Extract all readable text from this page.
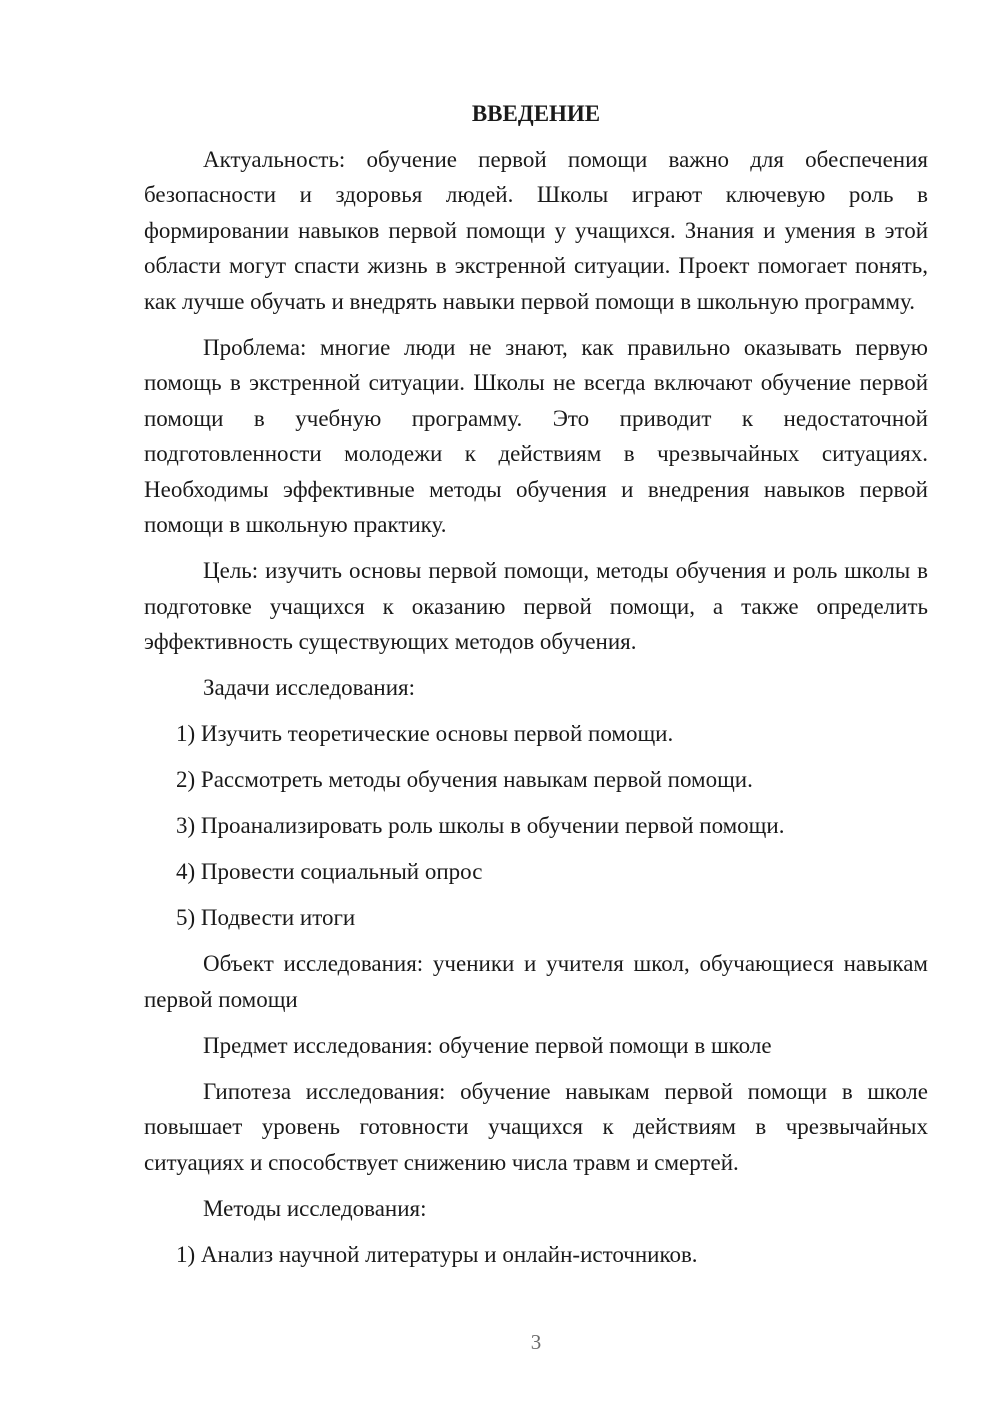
ВВЕДЕНИЕ

Актуальность: обучение первой помощи важно для обеспечения безопасности и здоровья людей. Школы играют ключевую роль в формировании навыков первой помощи у учащихся. Знания и умения в этой области могут спасти жизнь в экстренной ситуации. Проект помогает понять, как лучше обучать и внедрять навыки первой помощи в школьную программу.

Проблема: многие люди не знают, как правильно оказывать первую помощь в экстренной ситуации. Школы не всегда включают обучение первой помощи в учебную программу. Это приводит к недостаточной подготовленности молодежи к действиям в чрезвычайных ситуациях. Необходимы эффективные методы обучения и внедрения навыков первой помощи в школьную практику.

Цель: изучить основы первой помощи, методы обучения и роль школы в подготовке учащихся к оказанию первой помощи, а также определить эффективность существующих методов обучения.

Задачи исследования:

1) Изучить теоретические основы первой помощи.

2) Рассмотреть методы обучения навыкам первой помощи.

3) Проанализировать роль школы в обучении первой помощи.

4) Провести социальный опрос

5) Подвести итоги

Объект исследования: ученики и учителя школ, обучающиеся навыкам первой помощи

Предмет исследования: обучение первой помощи в школе

Гипотеза исследования: обучение навыкам первой помощи в школе повышает уровень готовности учащихся к действиям в чрезвычайных ситуациях и способствует снижению числа травм и смертей.

Методы исследования:

1) Анализ научной литературы и онлайн-источников.

3
